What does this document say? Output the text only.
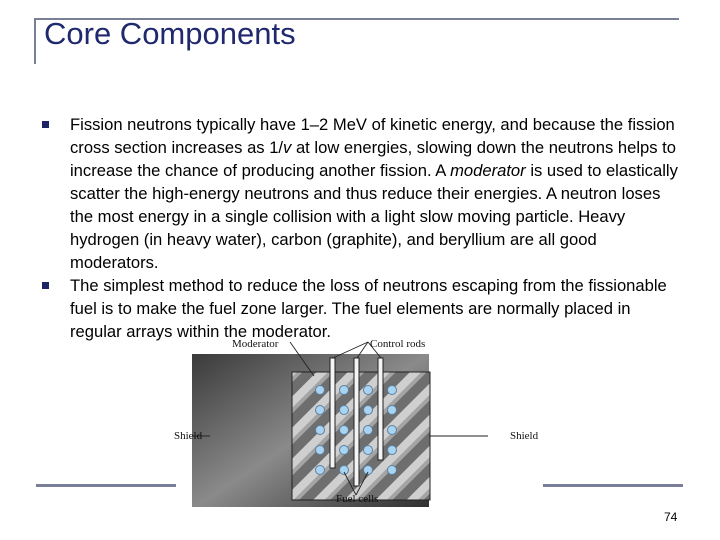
Core Components
Fission neutrons typically have 1–2 MeV of kinetic energy, and because the fission cross section increases as 1/v at low energies, slowing down the neutrons helps to increase the chance of producing another fission. A moderator is used to elastically scatter the high-energy neutrons and thus reduce their energies. A neutron loses the most energy in a single collision with a light slow moving particle. Heavy hydrogen (in heavy water), carbon (graphite), and beryllium are all good moderators.
The simplest method to reduce the loss of neutrons escaping from the fissionable fuel is to make the fuel zone larger. The fuel elements are normally placed in regular arrays within the moderator.
Moderator	Control rods
Shield	Shield
Fuel cells
74
